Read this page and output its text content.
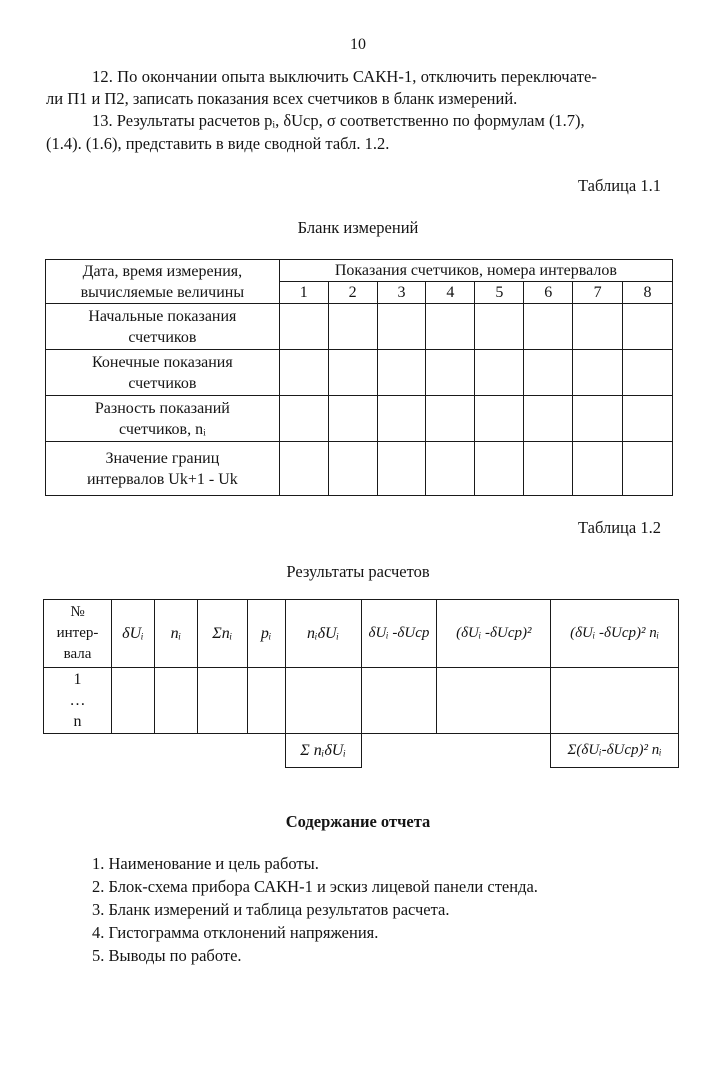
10
12. По окончании опыта выключить САКН-1, отключить переключате-
ли П1 и П2, записать показания всех счетчиков в бланк измерений.
13. Результаты расчетов pᵢ, δUср, σ соответственно по формулам (1.7),
(1.4). (1.6), представить в виде сводной табл. 1.2.
Таблица 1.1
Бланк измерений
Дата, время измерения, вычисляемые величины	Показания счетчиков, номера интервалов							
	1	2	3	4	5	6	7	8
Начальные показания счетчиков								
Конечные показания счетчиков								
Разность показаний счетчиков, nᵢ								
Значение границ интервалов Uk+1 - Uk								
Таблица 1.2
Результаты расчетов
№ интер-вала	δUᵢ	nᵢ	Σnᵢ	pᵢ	nᵢδUᵢ	δUᵢ -δUср	(δUᵢ -δUср)²	(δUᵢ -δUср)² nᵢ

1
…
n								

					Σ nᵢδUᵢ			Σ(δUᵢ-δUср)² nᵢ
Содержание отчета
1. Наименование и цель работы.
2. Блок-схема прибора САКН-1 и эскиз лицевой панели стенда.
3. Бланк измерений и таблица результатов расчета.
4. Гистограмма отклонений напряжения.
5. Выводы по работе.
